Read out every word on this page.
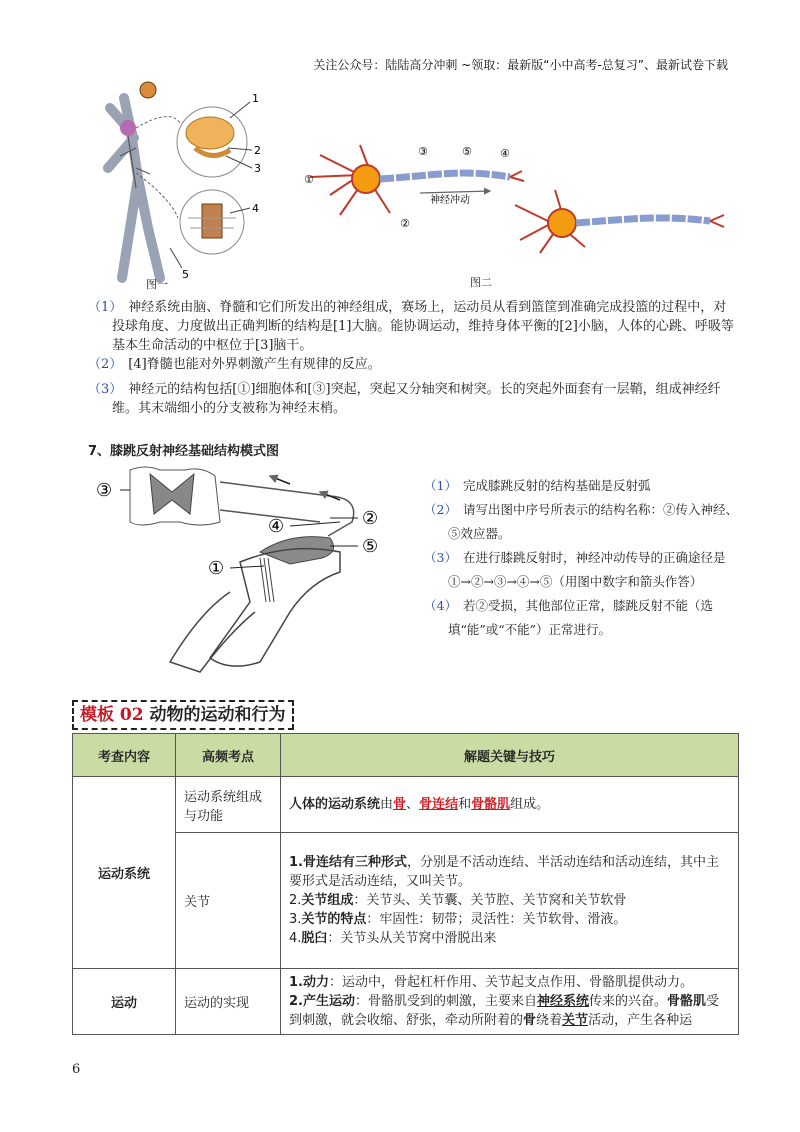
关注公众号：陆陆高分冲刺 ~领取：最新版“小中高考-总复习”、最新试卷下载
1
2
3
4
5
图一
神经冲动
①
②
③	⑤	④
图二
（1） 神经系统由脑、脊髓和它们所发出的神经组成，赛场上，运动员从看到篮筐到准确完成投篮的过程中，对投球角度、力度做出正确判断的结构是[1]大脑。能协调运动，维持身体平衡的[2]小脑，人体的心跳、呼吸等基本生命活动的中枢位于[3]脑干。
（2） [4]脊髓也能对外界刺激产生有规律的反应。
（3） 神经元的结构包括[①]细胞体和[③]突起，突起又分轴突和树突。长的突起外面套有一层鞘，组成神经纤维。其末端细小的分支被称为神经末梢。
7、膝跳反射神经基础结构模式图
③
④	②
⑤
①
（1） 完成膝跳反射的结构基础是反射弧
（2） 请写出图中序号所表示的结构名称：②传入神经、⑤效应器。
（3） 在进行膝跳反射时，神经冲动传导的正确途径是①→②→③→④→⑤（用图中数字和箭头作答）
（4） 若②受损，其他部位正常，膝跳反射不能（选填“能”或“不能”）正常进行。
模板 02 动物的运动和行为
考查内容	高频考点	解题关键与技巧
运动系统	运动系统组成与功能	人体的运动系统由骨、骨连结和骨骼肌组成。
	关节	1.骨连结有三种形式，分别是不活动连结、半活动连结和活动连结，其中主要形式是活动连结，又叫关节。
2.关节组成：关节头、关节囊、关节腔、关节窝和关节软骨
3.关节的特点：牢固性：韧带；灵活性：关节软骨、滑液。
4.脱臼：关节头从关节窝中滑脱出来

运动	运动的实现	1.动力：运动中，骨起杠杆作用、关节起支点作用、骨骼肌提供动力。
2.产生运动：骨骼肌受到的刺激，主要来自神经系统传来的兴奋。骨骼肌受到刺激，就会收缩、舒张，牵动所附着的骨绕着关节活动，产生各种运
6
